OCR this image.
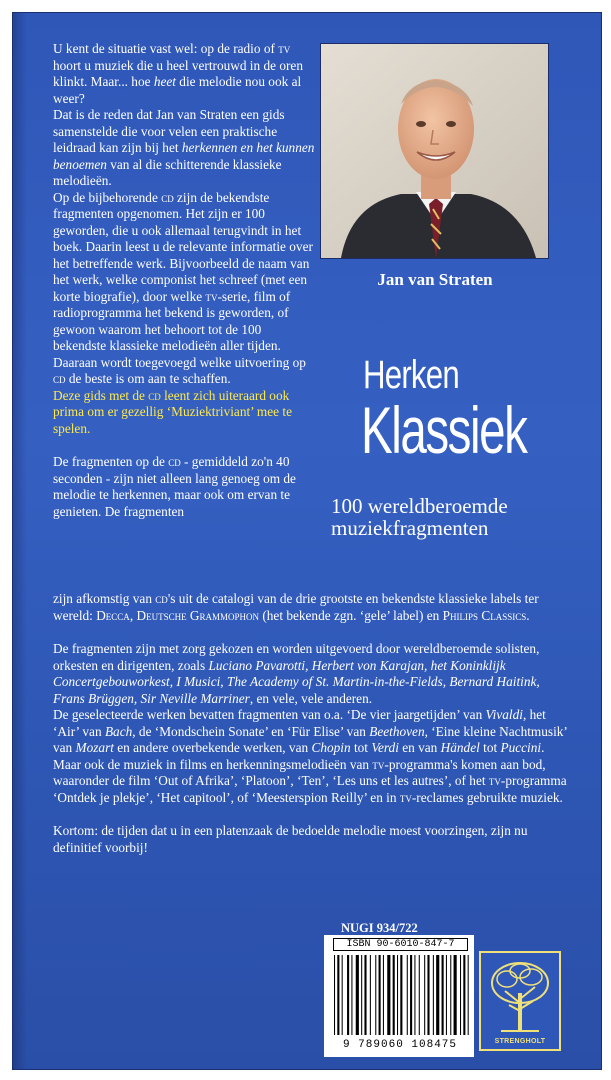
U kent de situatie vast wel: op de radio of tv hoort u muziek die u heel vertrouwd in de oren klinkt. Maar... hoe heet die melodie nou ook al weer?

Dat is de reden dat Jan van Straten een gids samenstelde die voor velen een praktische leidraad kan zijn bij het herkennen en het kunnen benoemen van al die schitterende klassieke melodieën.

Op de bijbehorende cd zijn de bekendste fragmenten opgenomen. Het zijn er 100 geworden, die u ook allemaal terugvindt in het boek. Daarin leest u de relevante informatie over het betreffende werk. Bijvoorbeeld de naam van het werk, welke componist het schreef (met een korte biografie), door welke tv-serie, film of radioprogramma het bekend is geworden, of gewoon waarom het behoort tot de 100 bekendste klassieke melodieën aller tijden. Daaraan wordt toegevoegd welke uitvoering op cd de beste is om aan te schaffen.

Deze gids met de cd leent zich uiteraard ook prima om er gezellig ‘Muziektriviant’ mee te spelen.

De fragmenten op de cd - gemiddeld zo'n 40 seconden - zijn niet alleen lang genoeg om de melodie te herkennen, maar ook om ervan te genieten. De fragmenten

zijn afkomstig van cd's uit de catalogi van de drie grootste en bekendste klassieke labels ter wereld: Decca, Deutsche Grammophon (het bekende zgn. ‘gele’ label) en Philips Classics.

De fragmenten zijn met zorg gekozen en worden uitgevoerd door wereldberoemde solisten, orkesten en dirigenten, zoals Luciano Pavarotti, Herbert von Karajan, het Koninklijk Concertgebouworkest, I Musici, The Academy of St. Martin-in-the-Fields, Bernard Haitink, Frans Brüggen, Sir Neville Marriner, en vele, vele anderen.

De geselecteerde werken bevatten fragmenten van o.a. ‘De vier jaargetijden’ van Vivaldi, het ‘Air’ van Bach, de ‘Mondschein Sonate’ en ‘Für Elise’ van Beethoven, ‘Eine kleine Nachtmusik’ van Mozart en andere overbekende werken, van Chopin tot Verdi en van Händel tot Puccini. Maar ook de muziek in films en herkenningsmelodieën van tv-programma's komen aan bod, waaronder de film ‘Out of Afrika’, ‘Platoon’, ‘Ten’, ‘Les uns et les autres’, of het tv-programma ‘Ontdek je plekje’, ‘Het capitool’, of ‘Meesterspion Reilly’ en in tv-reclames gebruikte muziek.

Kortom: de tijden dat u in een platenzaak de bedoelde melodie moest voorzingen, zijn nu definitief voorbij!

Jan van Straten
Herken
Klassiek
100 wereldberoemde
muziekfragmenten
NUGI 934/722
ISBN 90-6010-847-7
9 789060 108475	STRENGHOLT
